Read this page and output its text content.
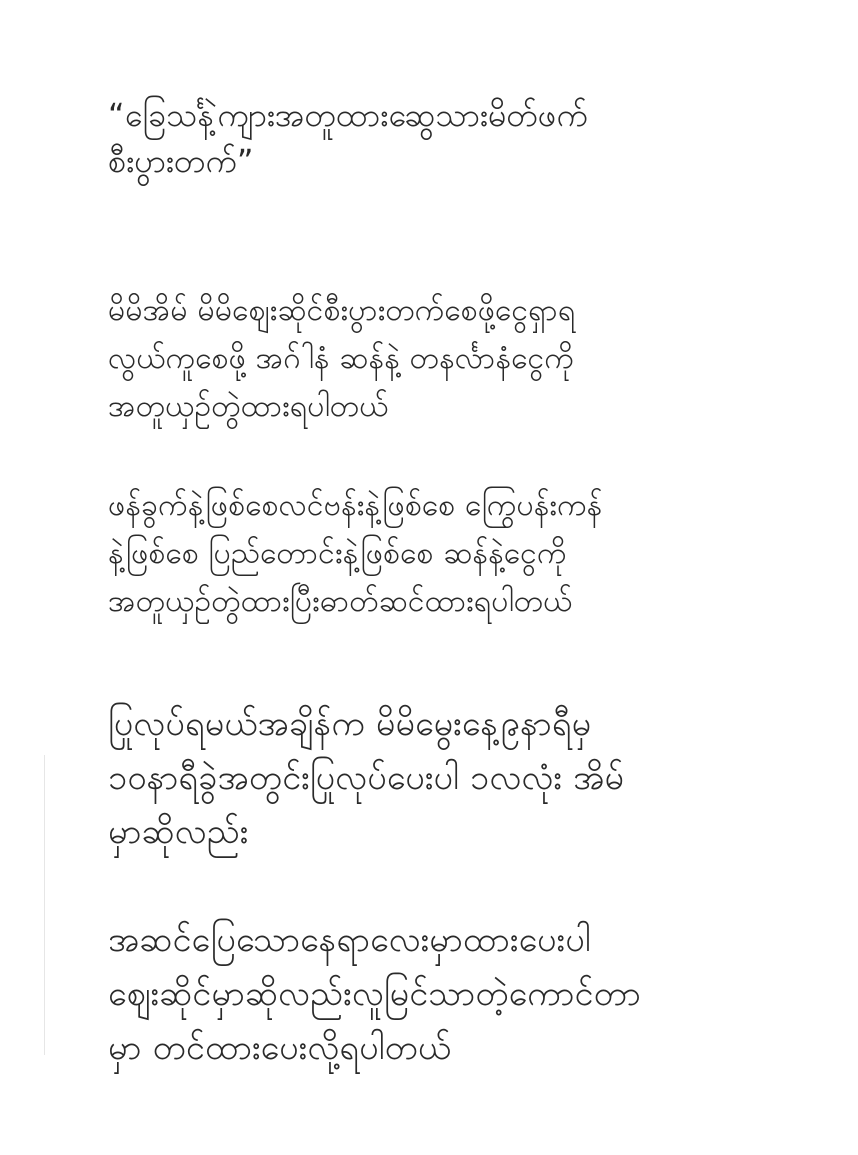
“ခြေသင်္နဲ့ကျားအတူထားဆွေသားမိတ်ဖက်
စီးပွားတက်”

မိမိအိမ် မိမိဈေးဆိုင်စီးပွားတက်စေဖို့ငွေရှာရ
လွယ်ကူစေဖို့ အဂ်ါနံ ဆန်နဲ့ တနင်္လာနံငွေကို
အတူယှဉ်တွဲထားရပါတယ်

ဖန်ခွက်နဲ့ဖြစ်စေလင်ဗန်းနဲ့ဖြစ်စေ ကြွေပန်းကန်
နဲ့ဖြစ်စေ ပြည်တောင်းနဲ့ဖြစ်စေ ဆန်နဲ့ငွေကို
အတူယှဉ်တွဲထားပြီးဓာတ်ဆင်ထားရပါတယ်

ပြုလုပ်ရမယ်အချိန်က မိမိမွေးနေ့၉နာရီမှ
၁၀နာရီခွဲအတွင်းပြုလုပ်ပေးပါ ၁လလုံး အိမ်
မှာဆိုလည်း

အဆင်ပြေသောနေရာလေးမှာထားပေးပါ
ဈေးဆိုင်မှာဆိုလည်းလူမြင်သာတဲ့ကောင်တာ
မှာ တင်ထားပေးလို့ရပါတယ်
